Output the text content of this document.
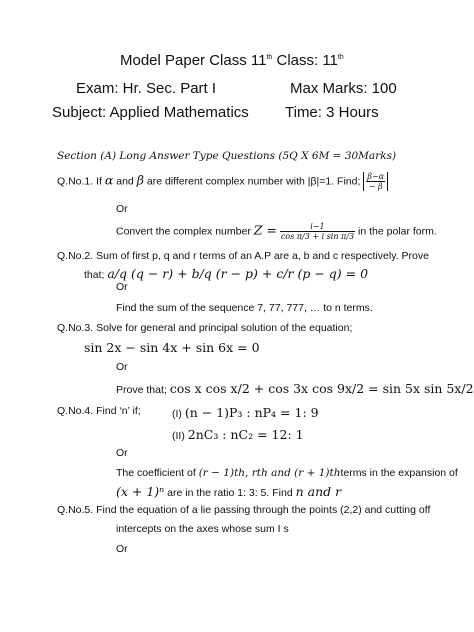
Model Paper Class 11th Class: 11th
Exam: Hr. Sec. Part I	Max Marks: 100
Subject: Applied Mathematics Time: 3 Hours
Section (A) Long Answer Type Questions (5Q X 6M = 30Marks)
Q.No.1. If α and β are different complex number with |β|=1. Find; $\frac{\beta-\alpha}{- \beta}$
Or
Convert the complex number $Z = \frac{i-1}{\text{cos π/3 + i sin π/3}}$ in the polar form.
Q.No.2. Sum of first p, q and r terms of an A.P are a, b and c respectively. Prove
that; a/q (q − r) + b/q (r − p) + c/r (p − q) = 0
Or
Find the sum of the sequence 7, 77, 777, … to n terms.
Q.No.3. Solve for general and principal solution of the equation;
sin 2x − sin 4x + sin 6x = 0
Or
Prove that; cos x cos x/2 + cos 3x cos 9x/2 = sin 5x sin 5x/2
Q.No.4. Find ‘n’ if;	(I) (n − 1)P₃ : nP₄ = 1: 9
(II) 2nC₃ : nC₂ = 12: 1
Or
The coefficient of (r − 1)th, rth and (r + 1)thterms in the expansion of
(x + 1)ⁿ are in the ratio 1: 3: 5. Find n and r
Q.No.5. Find the equation of a lie passing through the points (2,2) and cutting off
intercepts on the axes whose sum I s
Or
